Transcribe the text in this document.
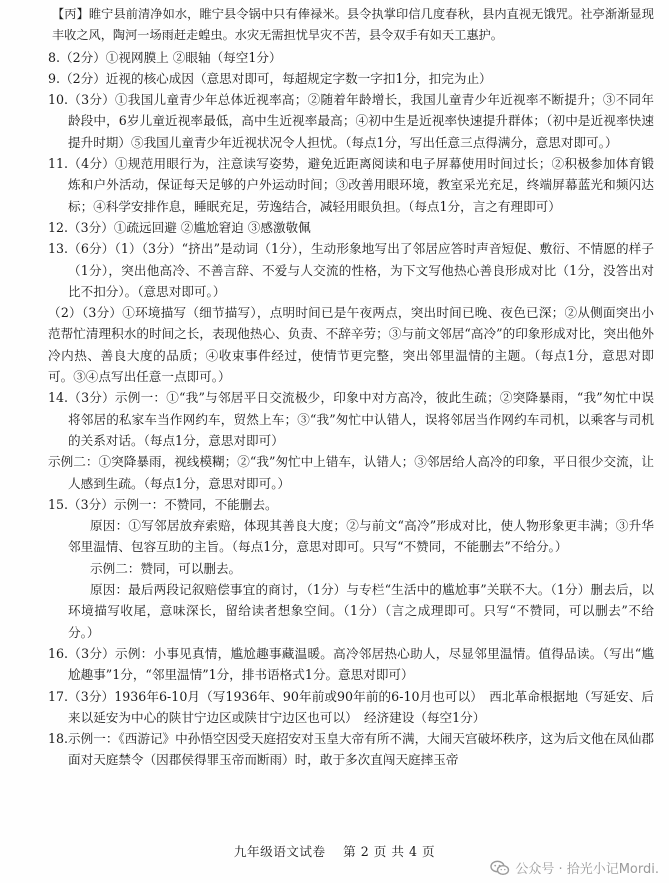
【丙】睢宁县前清净如水，睢宁县令锅中只有俸禄米。县令执掌印信几度春秋，县内直视无饿咒。社亭渐渐显现丰收之风，陶河一场雨赶走蝗虫。水灾无需担忧旱灾不苦，县令双手有如天工惠护。

8.（2分）①视网膜上 ②眼轴（每空1分）

9.（2分）近视的核心成因（意思对即可，每超规定字数一字扣1分，扣完为止）

10.（3分）①我国儿童青少年总体近视率高；②随着年龄增长，我国儿童青少年近视率不断提升；③不同年龄段中，6岁儿童近视率最低，高中生近视率最高；④初中生是近视率快速提升群体；（初中是近视率快速提升时期）⑤我国儿童青少年近视状况令人担忧。（每点1分，写出任意三点得满分，意思对即可。）

11.（4分）①规范用眼行为，注意读写姿势，避免近距离阅读和电子屏幕使用时间过长；②积极参加体育锻炼和户外活动，保证每天足够的户外运动时间；③改善用眼环境，教室采光充足，终端屏幕蓝光和频闪达标；④科学安排作息，睡眠充足，劳逸结合，减轻用眼负担。（每点1分，言之有理即可）

12.（3分）①疏远回避 ②尴尬窘迫 ③感激敬佩

13.（6分）（1）（3分）“挤出”是动词（1分），生动形象地写出了邻居应答时声音短促、敷衍、不情愿的样子（1分），突出他高冷、不善言辞、不爱与人交流的性格，为下文写他热心善良形成对比（1分，没答出对比不扣分）。（意思对即可。）

（2）（3分）①环境描写（细节描写），点明时间已是午夜两点，突出时间已晚、夜色已深；②从侧面突出小范帮忙清理积水的时间之长，表现他热心、负责、不辞辛劳；③与前文邻居“高冷”的印象形成对比，突出他外冷内热、善良大度的品质；④收束事件经过，使情节更完整，突出邻里温情的主题。（每点1分，意思对即可。③④点写出任意一点即可。）

14.（3分）示例一：①“我”与邻居平日交流极少，印象中对方高冷，彼此生疏；②突降暴雨，“我”匆忙中误将邻居的私家车当作网约车，贸然上车；③“我”匆忙中认错人，误将邻居当作网约车司机，以乘客与司机的关系对话。（每点1分，意思对即可）

示例二：①突降暴雨，视线模糊；②“我”匆忙中上错车，认错人；③邻居给人高冷的印象，平日很少交流，让人感到生疏。（每点1分，意思对即可。）

15.（3分）示例一：不赞同，不能删去。

原因：①写邻居放弃索赔，体现其善良大度；②与前文“高冷”形成对比，使人物形象更丰满；③升华邻里温情、包容互助的主旨。（每点1分，意思对即可。只写“不赞同，不能删去”不给分。）

示例二：赞同，可以删去。

原因：最后两段记叙赔偿事宜的商讨，（1分）与专栏“生活中的尴尬事”关联不大。（1分）删去后，以环境描写收尾，意味深长，留给读者想象空间。（1分）（言之成理即可。只写“不赞同，可以删去”不给分。）

16.（3分）示例：小事见真情，尴尬趣事藏温暖。高冷邻居热心助人，尽显邻里温情。值得品读。（写出“尴尬趣事”1分，“邻里温情”1分，排书语格式1分。意思对即可）

17.（3分）1936年6-10月（写1936年、90年前或90年前的6-10月也可以）　西北革命根据地（写延安、后来以延安为中心的陕甘宁边区或陕甘宁边区也可以）　经济建设（每空1分）

18.示例一：《西游记》中孙悟空因受天庭招安对玉皇大帝有所不满，大闹天宫破坏秩序，这为后文他在凤仙郡面对天庭禁令（因郡侯得罪玉帝而断雨）时，敢于多次直闯天庭摔玉帝

九年级语文试卷　 第 2 页 共 4 页
公众号 · 拾光小记Mordi.
